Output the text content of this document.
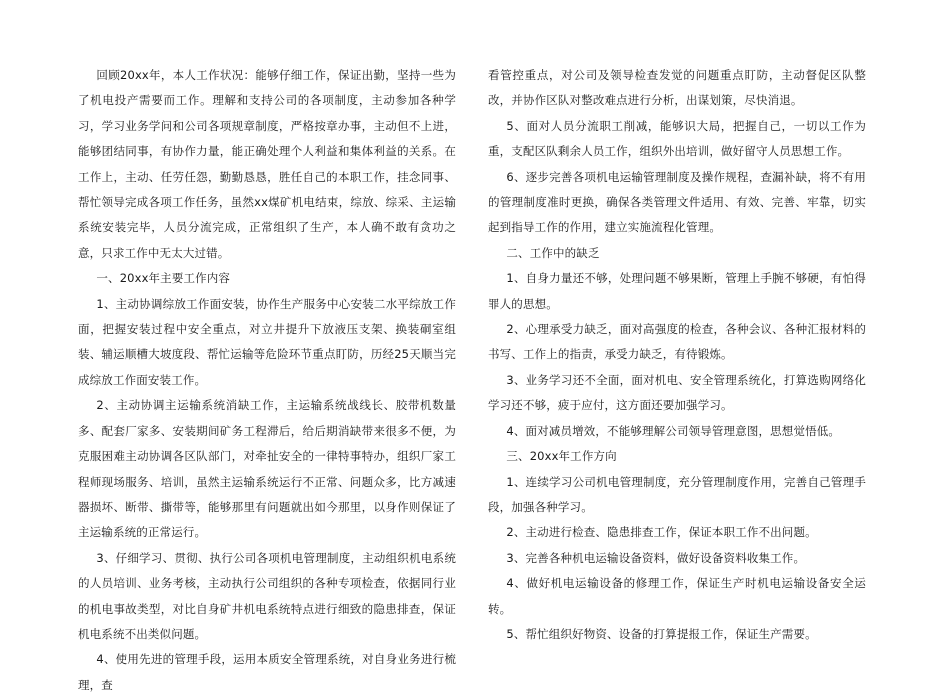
回顾20xx年，本人工作状况：能够仔细工作，保证出勤，坚持一些为了机电投产需要而工作。理解和支持公司的各项制度，主动参加各种学习，学习业务学问和公司各项规章制度，严格按章办事，主动但不上进，能够团结同事，有协作力量，能正确处理个人利益和集体利益的关系。在工作上，主动、任劳任怨，勤勤恳恳，胜任自己的本职工作，挂念同事、帮忙领导完成各项工作任务，虽然xx煤矿机电结束，综放、综采、主运输系统安装完毕，人员分流完成，正常组织了生产，本人确不敢有贪功之意，只求工作中无太大过错。

一、20xx年主要工作内容

1、主动协调综放工作面安装，协作生产服务中心安装二水平综放工作面，把握安装过程中安全重点，对立井提升下放液压支架、换装硐室组装、辅运顺槽大坡度段、帮忙运输等危险环节重点盯防，历经25天顺当完成综放工作面安装工作。

2、主动协调主运输系统消缺工作，主运输系统战线长、胶带机数量多、配套厂家多、安装期间矿务工程滞后，给后期消缺带来很多不便，为克服困难主动协调各区队部门，对牵扯安全的一律特事特办，组织厂家工程师现场服务、培训，虽然主运输系统运行不正常、问题众多，比方减速器损坏、断带、撕带等，能够那里有问题就出如今那里，以身作则保证了主运输系统的正常运行。

3、仔细学习、贯彻、执行公司各项机电管理制度，主动组织机电系统的人员培训、业务考核，主动执行公司组织的各种专项检查，依据同行业的机电事故类型，对比自身矿井机电系统特点进行细致的隐患排查，保证机电系统不出类似问题。

4、使用先进的管理手段，运用本质安全管理系统，对自身业务进行梳理，查

看管控重点，对公司及领导检查发觉的问题重点盯防，主动督促区队整改，并协作区队对整改难点进行分析，出谋划策，尽快消退。

5、面对人员分流职工削减，能够识大局，把握自己，一切以工作为重，支配区队剩余人员工作，组织外出培训，做好留守人员思想工作。

6、逐步完善各项机电运输管理制度及操作规程，查漏补缺，将不有用的管理制度准时更换，确保各类管理文件适用、有效、完善、牢靠，切实起到指导工作的作用，建立实施流程化管理。

二、工作中的缺乏

1、自身力量还不够，处理问题不够果断，管理上手腕不够硬，有怕得罪人的思想。

2、心理承受力缺乏，面对高强度的检查，各种会议、各种汇报材料的书写、工作上的指责，承受力缺乏，有待锻炼。

3、业务学习还不全面，面对机电、安全管理系统化，打算选购网络化学习还不够，疲于应付，这方面还要加强学习。

4、面对减员增效，不能够理解公司领导管理意图，思想觉悟低。

三、20xx年工作方向

1、连续学习公司机电管理制度，充分管理制度作用，完善自己管理手段，加强各种学习。

2、主动进行检查、隐患排查工作，保证本职工作不出问题。

3、完善各种机电运输设备资料，做好设备资料收集工作。

4、做好机电运输设备的修理工作，保证生产时机电运输设备安全运转。

5、帮忙组织好物资、设备的打算提报工作，保证生产需要。
